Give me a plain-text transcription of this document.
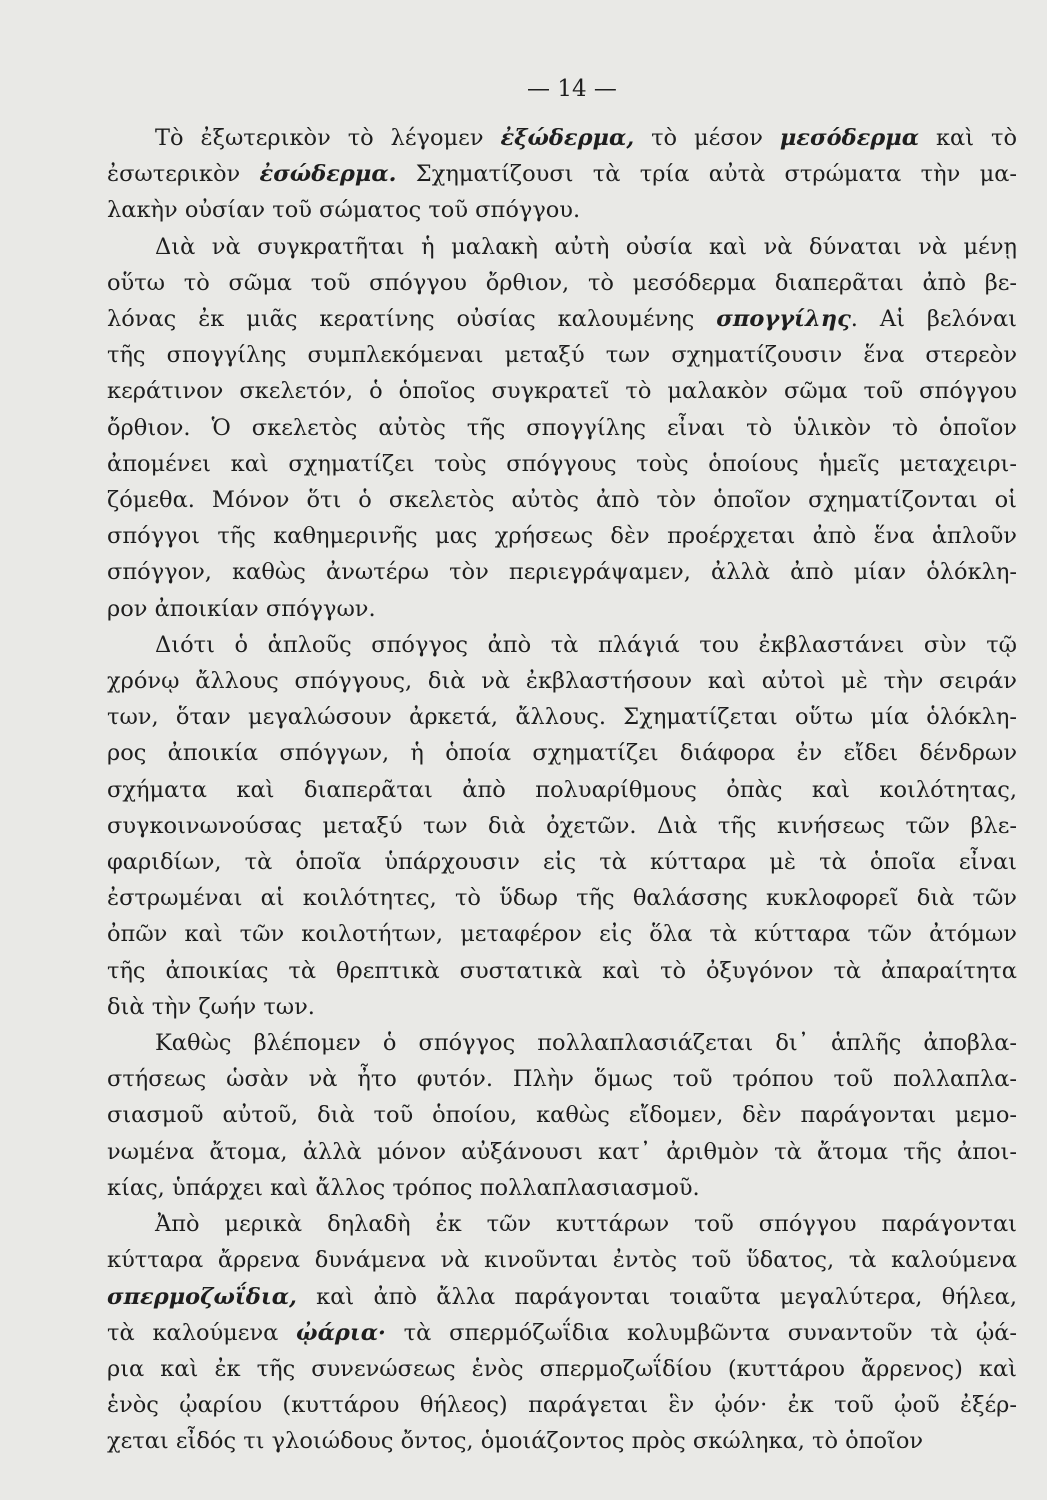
— 14 —
Τὸ ἐξωτερικὸν τὸ λέγομεν ἐξώδερμα, τὸ μέσον μεσόδερμα καὶ τὸ
ἐσωτερικὸν ἐσώδερμα. Σχηματίζουσι τὰ τρία αὐτὰ στρώματα τὴν μα-
λακὴν οὐσίαν τοῦ σώματος τοῦ σπόγγου.
Διὰ νὰ συγκρατῆται ἡ μαλακὴ αὐτὴ οὐσία καὶ νὰ δύναται νὰ μένῃ
οὕτω τὸ σῶμα τοῦ σπόγγου ὄρθιον, τὸ μεσόδερμα διαπερᾶται ἀπὸ βε-
λόνας ἐκ μιᾶς κερατίνης οὐσίας καλουμένης σπογγίλης. Αἱ βελόναι
τῆς σπογγίλης συμπλεκόμεναι μεταξύ των σχηματίζουσιν ἕνα στερεὸν
κεράτινον σκελετόν, ὁ ὁποῖος συγκρατεῖ τὸ μαλακὸν σῶμα τοῦ σπόγγου
ὄρθιον. Ὁ σκελετὸς αὐτὸς τῆς σπογγίλης εἶναι τὸ ὑλικὸν τὸ ὁποῖον
ἀπομένει καὶ σχηματίζει τοὺς σπόγγους τοὺς ὁποίους ἡμεῖς μεταχειρι-
ζόμεθα. Μόνον ὅτι ὁ σκελετὸς αὐτὸς ἀπὸ τὸν ὁποῖον σχηματίζονται οἱ
σπόγγοι τῆς καθημερινῆς μας χρήσεως δὲν προέρχεται ἀπὸ ἕνα ἁπλοῦν
σπόγγον, καθὼς ἀνωτέρω τὸν περιεγράψαμεν, ἀλλὰ ἀπὸ μίαν ὁλόκλη-
ρον ἀποικίαν σπόγγων.
Διότι ὁ ἁπλοῦς σπόγγος ἀπὸ τὰ πλάγιά του ἐκβλαστάνει σὺν τῷ
χρόνῳ ἄλλους σπόγγους, διὰ νὰ ἐκβλαστήσουν καὶ αὐτοὶ μὲ τὴν σειράν
των, ὅταν μεγαλώσουν ἀρκετά, ἄλλους. Σχηματίζεται οὕτω μία ὁλόκλη-
ρος ἀποικία σπόγγων, ἡ ὁποία σχηματίζει διάφορα ἐν εἴδει δένδρων
σχήματα καὶ διαπερᾶται ἀπὸ πολυαρίθμους ὀπὰς καὶ κοιλότητας,
συγκοινωνούσας μεταξύ των διὰ ὀχετῶν. Διὰ τῆς κινήσεως τῶν βλε-
φαριδίων, τὰ ὁποῖα ὑπάρχουσιν εἰς τὰ κύτταρα μὲ τὰ ὁποῖα εἶναι
ἐστρωμέναι αἱ κοιλότητες, τὸ ὕδωρ τῆς θαλάσσης κυκλοφορεῖ διὰ τῶν
ὀπῶν καὶ τῶν κοιλοτήτων, μεταφέρον εἰς ὅλα τὰ κύτταρα τῶν ἀτόμων
τῆς ἀποικίας τὰ θρεπτικὰ συστατικὰ καὶ τὸ ὀξυγόνον τὰ ἀπαραίτητα
διὰ τὴν ζωήν των.
Καθὼς βλέπομεν ὁ σπόγγος πολλαπλασιάζεται δι᾿ ἁπλῆς ἀποβλα-
στήσεως ὡσὰν νὰ ἦτο φυτόν. Πλὴν ὅμως τοῦ τρόπου τοῦ πολλαπλα-
σιασμοῦ αὐτοῦ, διὰ τοῦ ὁποίου, καθὼς εἴδομεν, δὲν παράγονται μεμο-
νωμένα ἄτομα, ἀλλὰ μόνον αὐξάνουσι κατ᾿ ἀριθμὸν τὰ ἄτομα τῆς ἀποι-
κίας, ὑπάρχει καὶ ἄλλος τρόπος πολλαπλασιασμοῦ.
Ἀπὸ μερικὰ δηλαδὴ ἐκ τῶν κυττάρων τοῦ σπόγγου παράγονται
κύτταρα ἄρρενα δυνάμενα νὰ κινοῦνται ἐντὸς τοῦ ὕδατος, τὰ καλούμενα
σπερμοζωΐδια, καὶ ἀπὸ ἄλλα παράγονται τοιαῦτα μεγαλύτερα, θήλεα,
τὰ καλούμενα ᾠάρια· τὰ σπερμόζωΐδια κολυμβῶντα συναντοῦν τὰ ᾠά-
ρια καὶ ἐκ τῆς συνενώσεως ἑνὸς σπερμοζωΐδίου (κυττάρου ἄρρενος) καὶ
ἑνὸς ᾠαρίου (κυττάρου θήλεος) παράγεται ἓν ᾠόν· ἐκ τοῦ ᾠοῦ ἐξέρ-
χεται εἶδός τι γλοιώδους ὄντος, ὁμοιάζοντος πρὸς σκώληκα, τὸ ὁποῖον
